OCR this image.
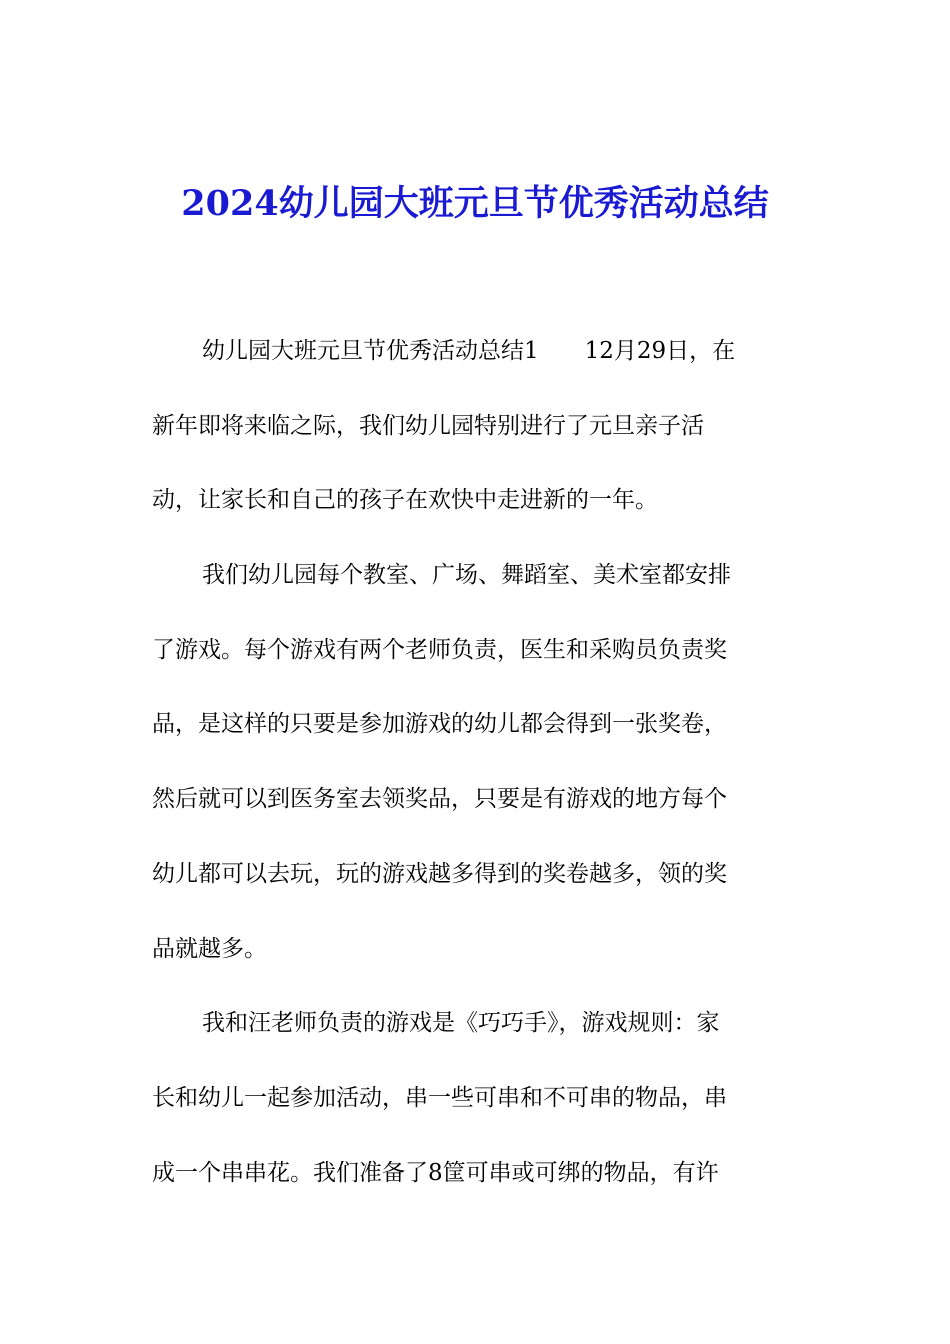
2024幼儿园大班元旦节优秀活动总结
幼儿园大班元旦节优秀活动总结1 12月29日，在
新年即将来临之际，我们幼儿园特别进行了元旦亲子活
动，让家长和自己的孩子在欢快中走进新的一年。
我们幼儿园每个教室、广场、舞蹈室、美术室都安排
了游戏。每个游戏有两个老师负责，医生和采购员负责奖
品，是这样的只要是参加游戏的幼儿都会得到一张奖卷，
然后就可以到医务室去领奖品，只要是有游戏的地方每个
幼儿都可以去玩，玩的游戏越多得到的奖卷越多，领的奖
品就越多。
我和汪老师负责的游戏是《巧巧手》，游戏规则：家
长和幼儿一起参加活动，串一些可串和不可串的物品，串
成一个串串花。我们准备了8筐可串或可绑的物品，有许
